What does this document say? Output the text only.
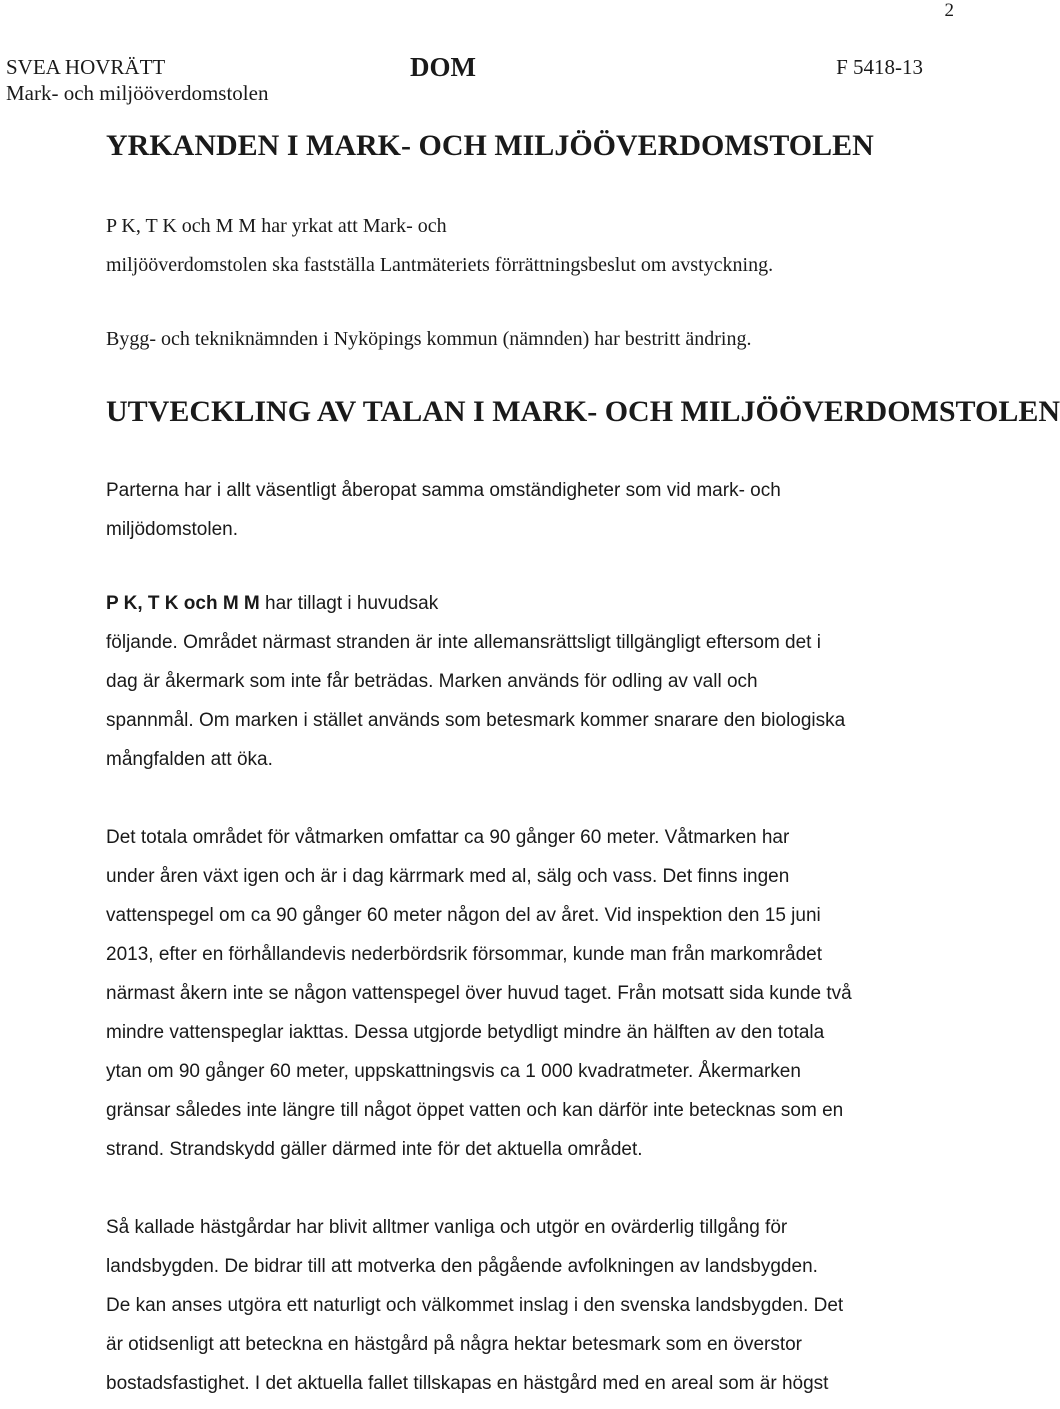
2
SVEA HOVRÄTT
Mark- och miljööverdomstolen
DOM	F 5418-13
YRKANDEN I MARK- OCH MILJÖÖVERDOMSTOLEN

P K, T K och M M har yrkat att Mark- och
miljööverdomstolen ska fastställa Lantmäteriets förrättningsbeslut om avstyckning.

Bygg- och tekniknämnden i Nyköpings kommun (nämnden) har bestritt ändring.

UTVECKLING AV TALAN I MARK- OCH MILJÖÖVERDOMSTOLEN

Parterna har i allt väsentligt åberopat samma omständigheter som vid mark- och
miljödomstolen.

P K, T K och M M har tillagt i huvudsak
följande. Området närmast stranden är inte allemansrättsligt tillgängligt eftersom det i
dag är åkermark som inte får beträdas. Marken används för odling av vall och
spannmål. Om marken i stället används som betesmark kommer snarare den biologiska
mångfalden att öka.

Det totala området för våtmarken omfattar ca 90 gånger 60 meter. Våtmarken har
under åren växt igen och är i dag kärrmark med al, sälg och vass. Det finns ingen
vattenspegel om ca 90 gånger 60 meter någon del av året. Vid inspektion den 15 juni
2013, efter en förhållandevis nederbördsrik försommar, kunde man från markområdet
närmast åkern inte se någon vattenspegel över huvud taget. Från motsatt sida kunde två
mindre vattenspeglar iakttas. Dessa utgjorde betydligt mindre än hälften av den totala
ytan om 90 gånger 60 meter, uppskattningsvis ca 1 000 kvadratmeter. Åkermarken
gränsar således inte längre till något öppet vatten och kan därför inte betecknas som en
strand. Strandskydd gäller därmed inte för det aktuella området.

Så kallade hästgårdar har blivit alltmer vanliga och utgör en ovärderlig tillgång för
landsbygden. De bidrar till att motverka den pågående avfolkningen av landsbygden.
De kan anses utgöra ett naturligt och välkommet inslag i den svenska landsbygden. Det
är otidsenligt att beteckna en hästgård på några hektar betesmark som en överstor
bostadsfastighet. I det aktuella fallet tillskapas en hästgård med en areal som är högst
